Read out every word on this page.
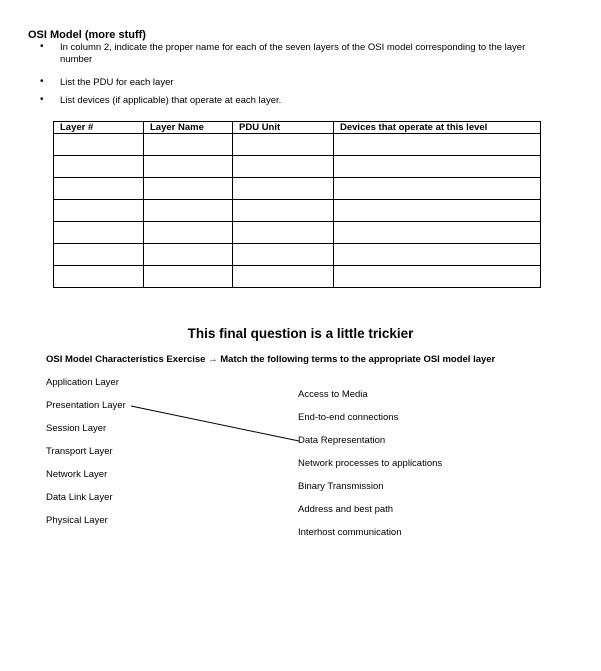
OSI Model (more stuff)
• In column 2, indicate the proper name for each of the seven layers of the OSI model corresponding to the layer number
• List the PDU for each layer
• List devices (if applicable) that operate at each layer.
Layer #	Layer Name	PDU Unit	Devices that operate at this level

This final question is a little trickier
OSI Model Characteristics Exercise → Match the following terms to the appropriate OSI model layer
Application Layer
Presentation Layer
Session Layer
Transport Layer
Network Layer
Data Link Layer
Physical Layer
Access to Media
End-to-end connections
Data Representation
Network processes to applications
Binary Transmission
Address and best path
Interhost communication
